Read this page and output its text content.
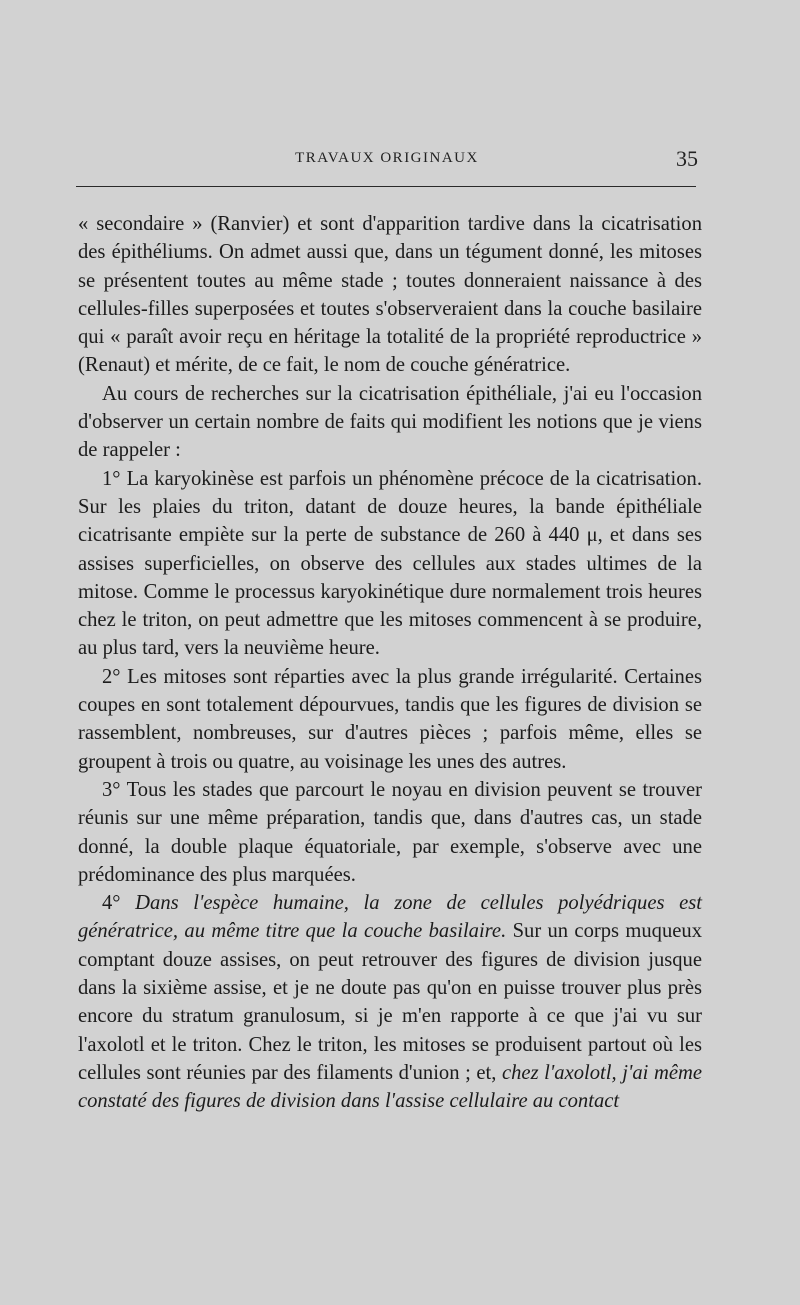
TRAVAUX ORIGINAUX	35

« secondaire » (Ranvier) et sont d'apparition tardive dans la cicatrisation des épithéliums. On admet aussi que, dans un tégument donné, les mitoses se présentent toutes au même stade ; toutes donneraient naissance à des cellules-filles superposées et toutes s'observeraient dans la couche basilaire qui « paraît avoir reçu en héritage la totalité de la propriété reproductrice » (Renaut) et mérite, de ce fait, le nom de couche génératrice.

Au cours de recherches sur la cicatrisation épithéliale, j'ai eu l'occasion d'observer un certain nombre de faits qui modifient les notions que je viens de rappeler :

1° La karyokinèse est parfois un phénomène précoce de la cicatrisation. Sur les plaies du triton, datant de douze heures, la bande épithéliale cicatrisante empiète sur la perte de substance de 260 à 440 μ, et dans ses assises superficielles, on observe des cellules aux stades ultimes de la mitose. Comme le processus karyokinétique dure normalement trois heures chez le triton, on peut admettre que les mitoses commencent à se produire, au plus tard, vers la neuvième heure.

2° Les mitoses sont réparties avec la plus grande irrégularité. Certaines coupes en sont totalement dépourvues, tandis que les figures de division se rassemblent, nombreuses, sur d'autres pièces ; parfois même, elles se groupent à trois ou quatre, au voisinage les unes des autres.

3° Tous les stades que parcourt le noyau en division peuvent se trouver réunis sur une même préparation, tandis que, dans d'autres cas, un stade donné, la double plaque équatoriale, par exemple, s'observe avec une prédominance des plus marquées.

4° Dans l'espèce humaine, la zone de cellules polyédriques est génératrice, au même titre que la couche basilaire. Sur un corps muqueux comptant douze assises, on peut retrouver des figures de division jusque dans la sixième assise, et je ne doute pas qu'on en puisse trouver plus près encore du stratum granulosum, si je m'en rapporte à ce que j'ai vu sur l'axolotl et le triton. Chez le triton, les mitoses se produisent partout où les cellules sont réunies par des filaments d'union ; et, chez l'axolotl, j'ai même constaté des figures de division dans l'assise cellulaire au contact
